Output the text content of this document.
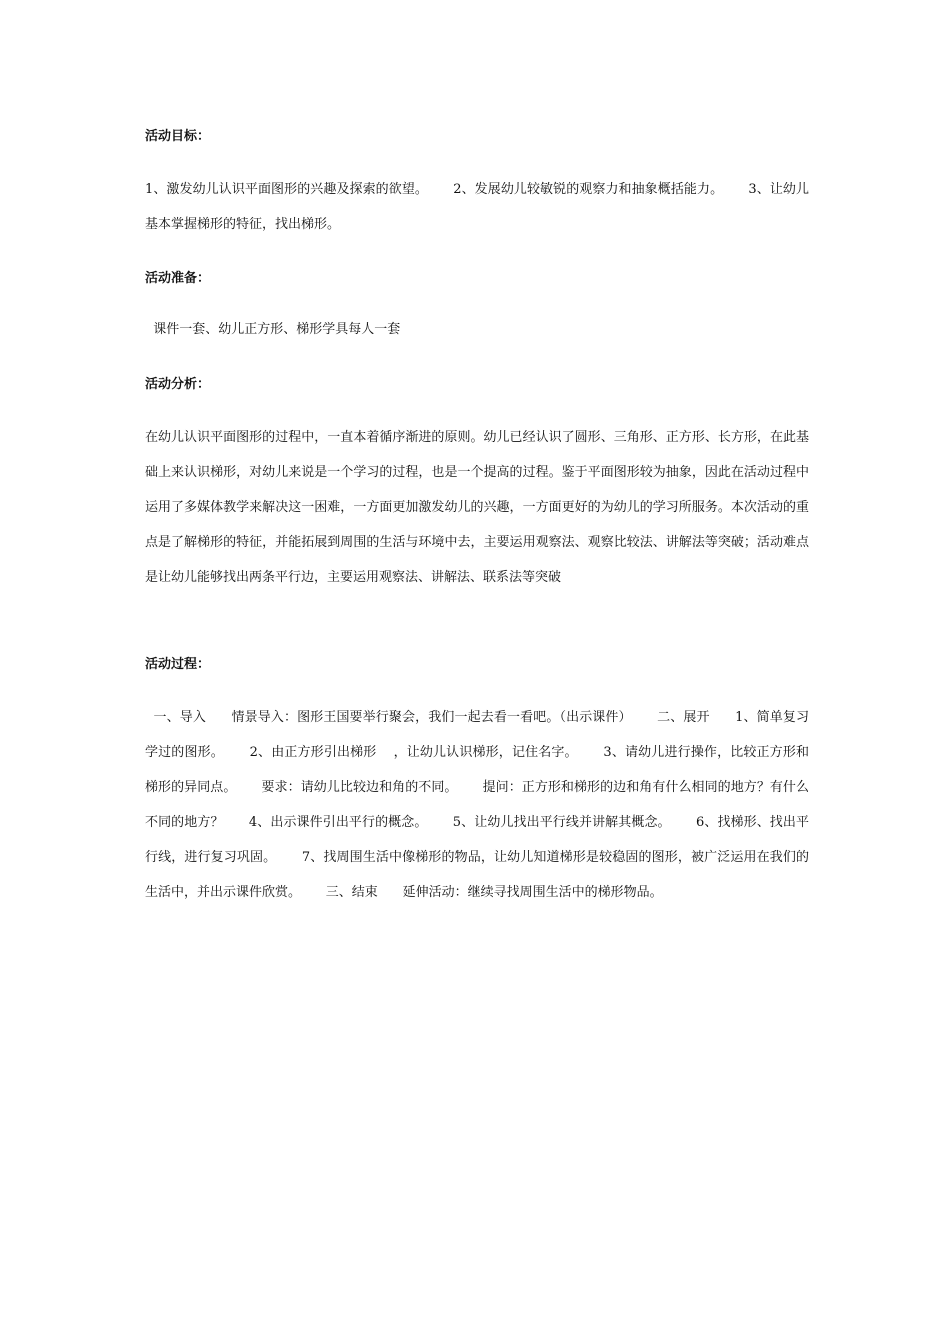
活动目标：

1、激发幼儿认识平面图形的兴趣及探索的欲望。      2、发展幼儿较敏锐的观察力和抽象概括能力。      3、让幼儿基本掌握梯形的特征，找出梯形。

活动准备：

课件一套、幼儿正方形、梯形学具每人一套

活动分析：

在幼儿认识平面图形的过程中，一直本着循序渐进的原则。幼儿已经认识了圆形、三角形、正方形、长方形，在此基础上来认识梯形，对幼儿来说是一个学习的过程，也是一个提高的过程。鉴于平面图形较为抽象，因此在活动过程中运用了多媒体教学来解决这一困难，一方面更加激发幼儿的兴趣，一方面更好的为幼儿的学习所服务。本次活动的重点是了解梯形的特征，并能拓展到周围的生活与环境中去，主要运用观察法、观察比较法、讲解法等突破；活动难点是让幼儿能够找出两条平行边，主要运用观察法、讲解法、联系法等突破

活动过程：

一、导入      情景导入：图形王国要举行聚会，我们一起去看一看吧。（出示课件）      二、展开      1、简单复习学过的图形。      2、由正方形引出梯形    ，让幼儿认识梯形，记住名字。      3、请幼儿进行操作，比较正方形和梯形的异同点。      要求：请幼儿比较边和角的不同。      提问：正方形和梯形的边和角有什么相同的地方？有什么不同的地方？      4、出示课件引出平行的概念。      5、让幼儿找出平行线并讲解其概念。      6、找梯形、找出平行线，进行复习巩固。      7、找周围生活中像梯形的物品，让幼儿知道梯形是较稳固的图形，被广泛运用在我们的生活中，并出示课件欣赏。      三、结束      延伸活动：继续寻找周围生活中的梯形物品。
